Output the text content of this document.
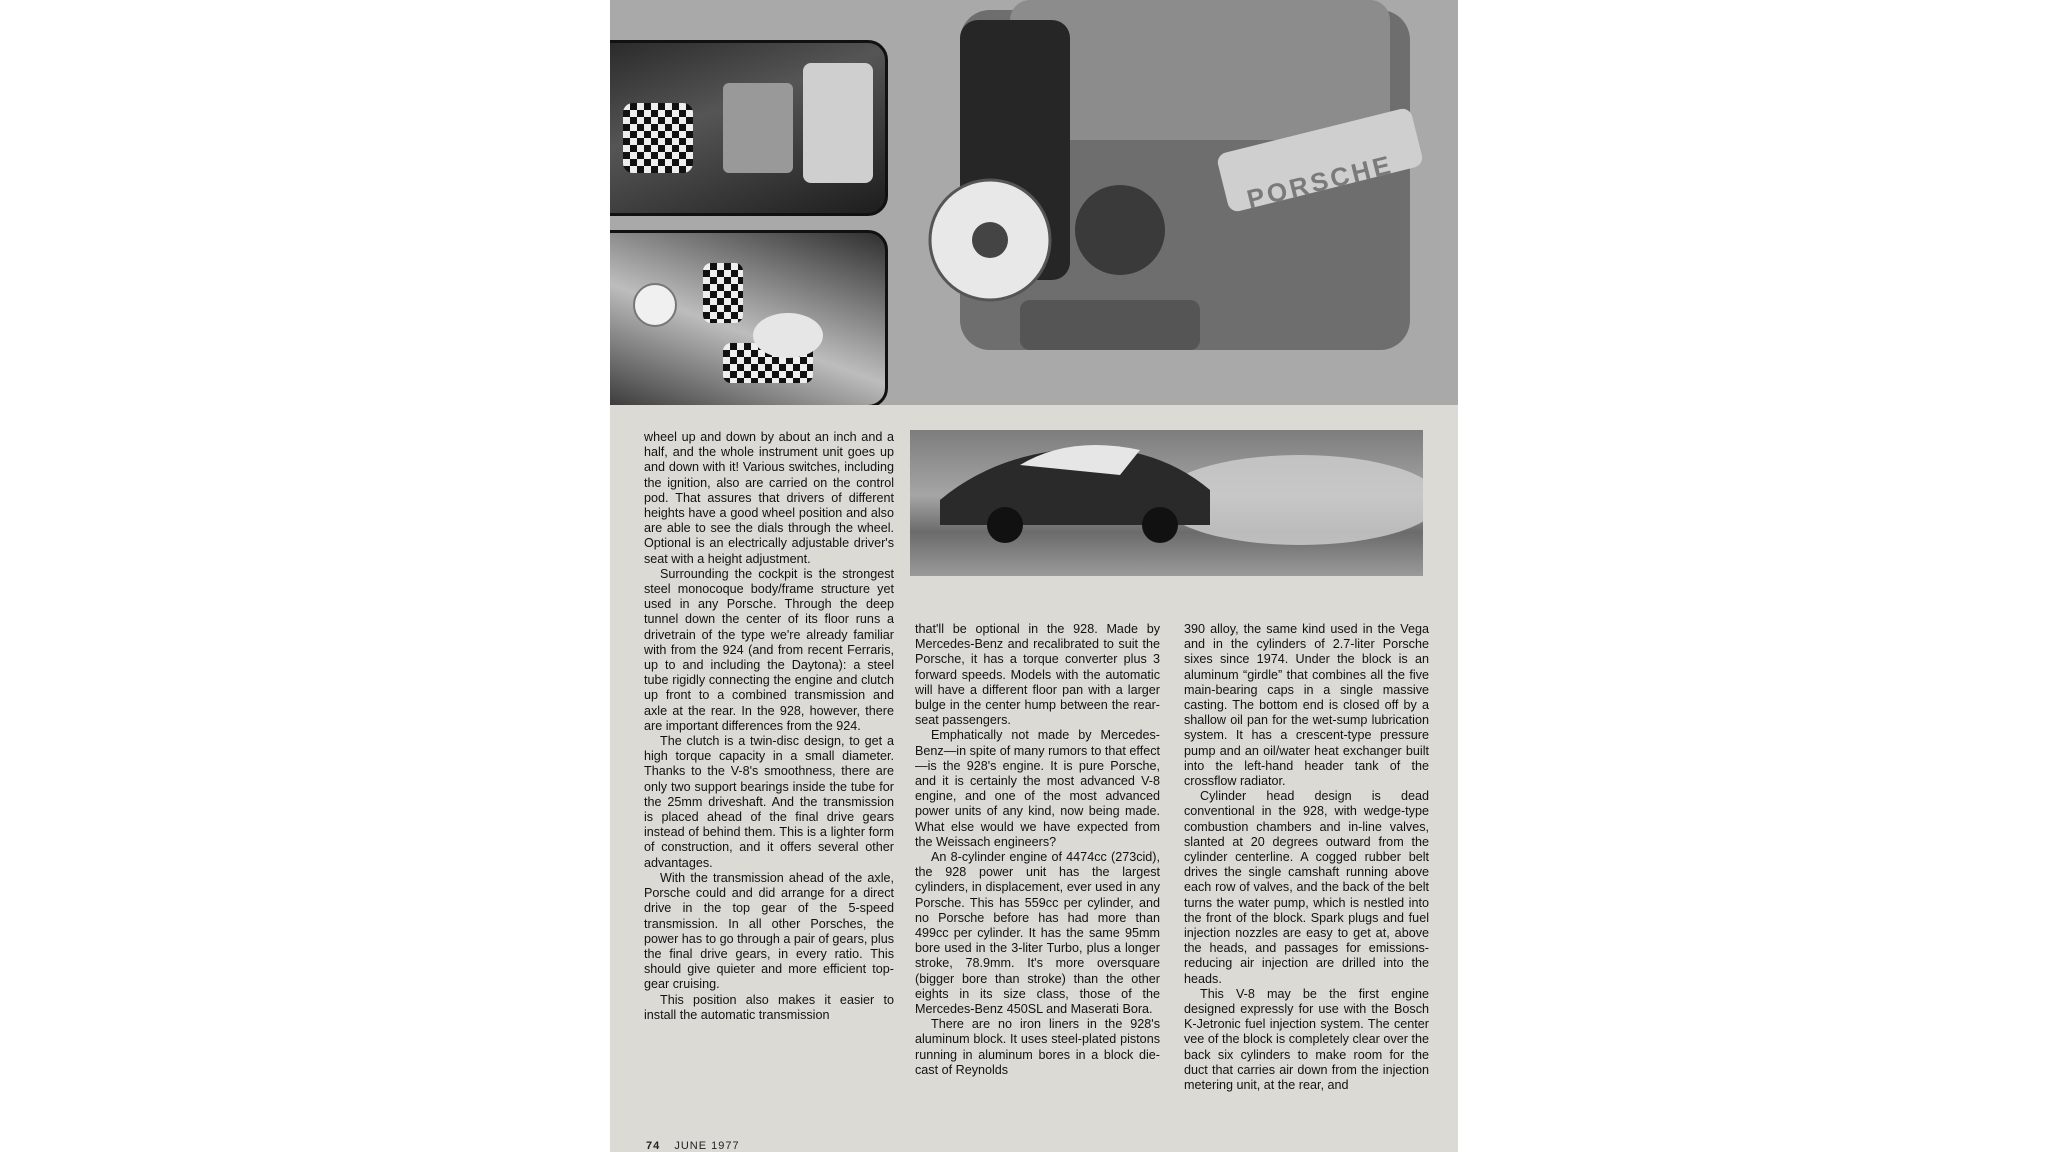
PORSCHE

wheel up and down by about an inch and a half, and the whole instrument unit goes up and down with it! Various switches, including the ignition, also are carried on the control pod. That assures that drivers of different heights have a good wheel position and also are able to see the dials through the wheel. Optional is an electrically adjustable driver's seat with a height adjustment.

Surrounding the cockpit is the strongest steel monocoque body/frame structure yet used in any Porsche. Through the deep tunnel down the center of its floor runs a drivetrain of the type we're already familiar with from the 924 (and from recent Ferraris, up to and including the Daytona): a steel tube rigidly connecting the engine and clutch up front to a combined transmission and axle at the rear. In the 928, however, there are important differences from the 924.

The clutch is a twin-disc design, to get a high torque capacity in a small diameter. Thanks to the V-8's smoothness, there are only two support bearings inside the tube for the 25mm driveshaft. And the transmission is placed ahead of the final drive gears instead of behind them. This is a lighter form of construction, and it offers several other advantages.

With the transmission ahead of the axle, Porsche could and did arrange for a direct drive in the top gear of the 5-speed transmission. In all other Porsches, the power has to go through a pair of gears, plus the final drive gears, in every ratio. This should give quieter and more efficient top-gear cruising.

This position also makes it easier to install the automatic transmission

that'll be optional in the 928. Made by Mercedes-Benz and recalibrated to suit the Porsche, it has a torque converter plus 3 forward speeds. Models with the automatic will have a different floor pan with a larger bulge in the center hump between the rear-seat passengers.

Emphatically not made by Mercedes-Benz—in spite of many rumors to that effect—is the 928's engine. It is pure Porsche, and it is certainly the most advanced V-8 engine, and one of the most advanced power units of any kind, now being made. What else would we have expected from the Weissach engineers?

An 8-cylinder engine of 4474cc (273cid), the 928 power unit has the largest cylinders, in displacement, ever used in any Porsche. This has 559cc per cylinder, and no Porsche before has had more than 499cc per cylinder. It has the same 95mm bore used in the 3-liter Turbo, plus a longer stroke, 78.9mm. It's more oversquare (bigger bore than stroke) than the other eights in its size class, those of the Mercedes-Benz 450SL and Maserati Bora.

There are no iron liners in the 928's aluminum block. It uses steel-plated pistons running in aluminum bores in a block die-cast of Reynolds

390 alloy, the same kind used in the Vega and in the cylinders of 2.7-liter Porsche sixes since 1974. Under the block is an aluminum “girdle” that combines all the five main-bearing caps in a single massive casting. The bottom end is closed off by a shallow oil pan for the wet-sump lubrication system. It has a crescent-type pressure pump and an oil/water heat exchanger built into the left-hand header tank of the crossflow radiator.

Cylinder head design is dead conventional in the 928, with wedge-type combustion chambers and in-line valves, slanted at 20 degrees outward from the cylinder centerline. A cogged rubber belt drives the single camshaft running above each row of valves, and the back of the belt turns the water pump, which is nestled into the front of the block. Spark plugs and fuel injection nozzles are easy to get at, above the heads, and passages for emissions-reducing air injection are drilled into the heads.

This V-8 may be the first engine designed expressly for use with the Bosch K-Jetronic fuel injection system. The center vee of the block is completely clear over the back six cylinders to make room for the duct that carries air down from the injection metering unit, at the rear, and

74 JUNE 1977
